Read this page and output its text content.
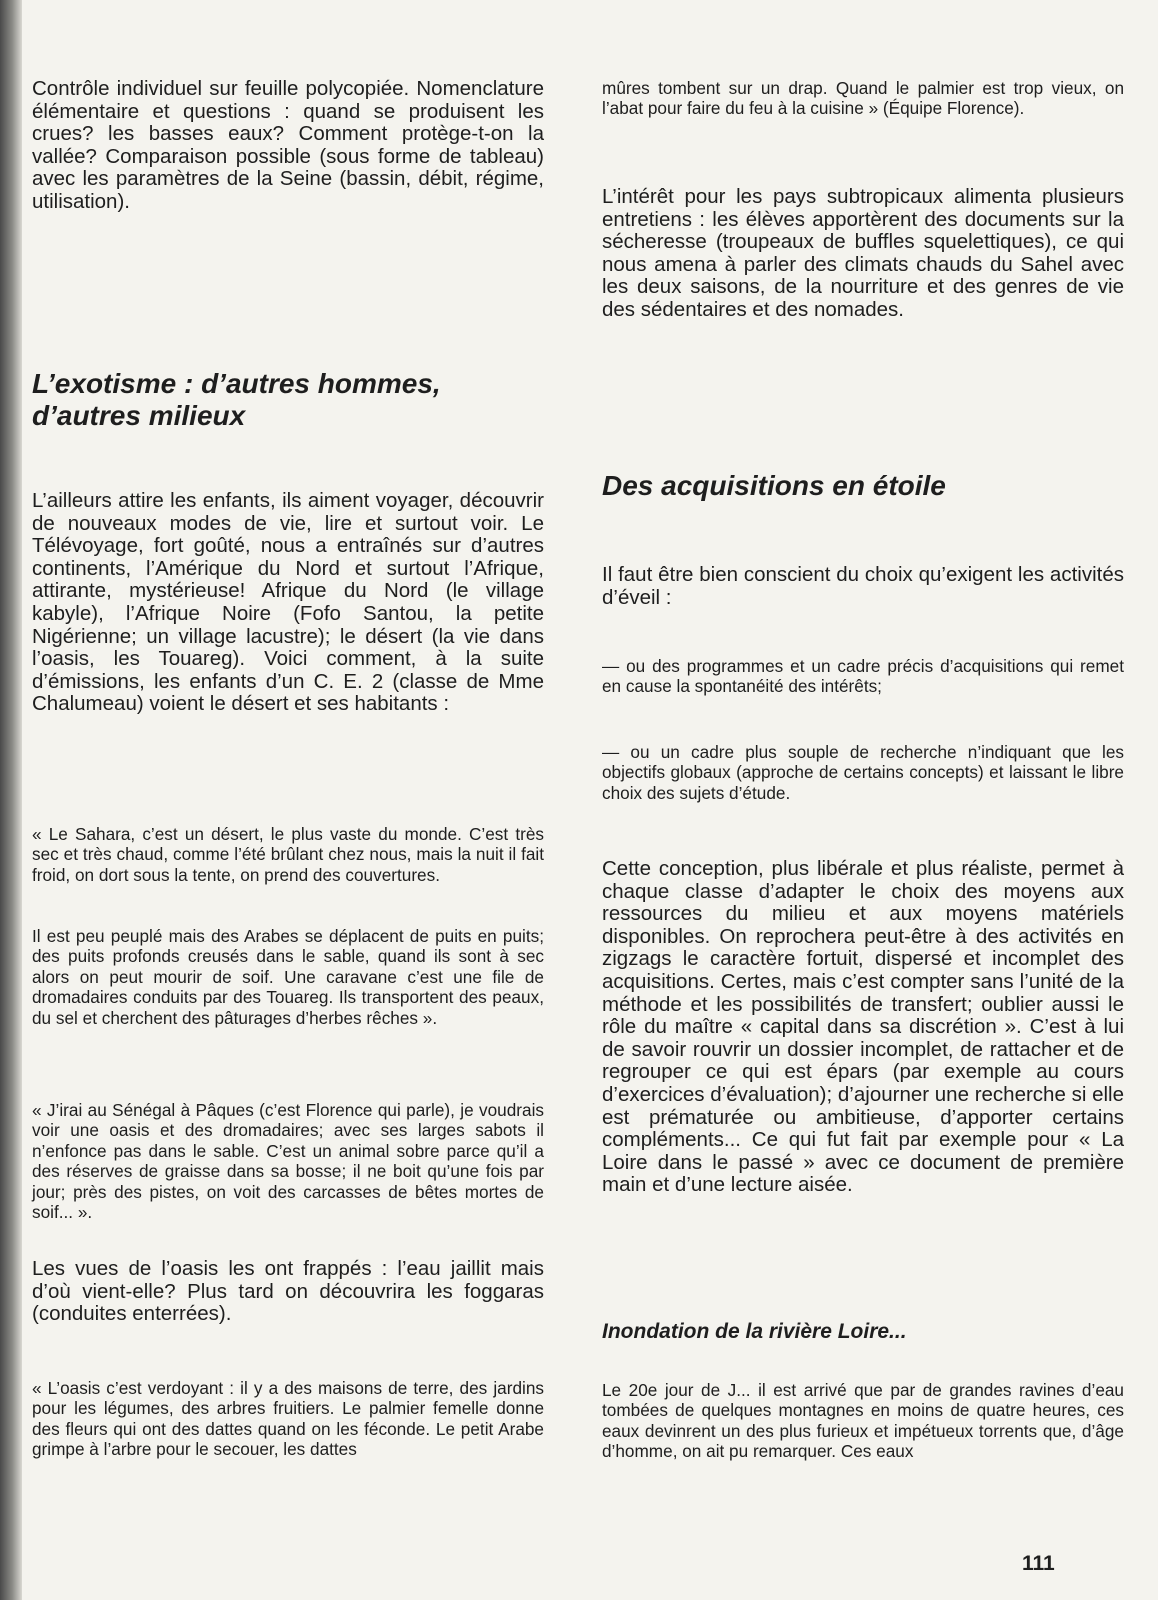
Contrôle individuel sur feuille polycopiée. Nomenclature élémentaire et questions : quand se produisent les crues? les basses eaux? Comment protège-t-on la vallée? Comparaison possible (sous forme de tableau) avec les paramètres de la Seine (bassin, débit, régime, utilisation).

L’exotisme : d’autres hommes,

d’autres milieux

L’ailleurs attire les enfants, ils aiment voyager, découvrir de nouveaux modes de vie, lire et surtout voir. Le Télévoyage, fort goûté, nous a entraînés sur d’autres continents, l’Amérique du Nord et surtout l’Afrique, attirante, mystérieuse! Afrique du Nord (le village kabyle), l’Afrique Noire (Fofo Santou, la petite Nigérienne; un village lacustre); le désert (la vie dans l’oasis, les Touareg). Voici comment, à la suite d’émissions, les enfants d’un C. E. 2 (classe de Mme Chalumeau) voient le désert et ses habitants :

« Le Sahara, c’est un désert, le plus vaste du monde. C’est très sec et très chaud, comme l’été brûlant chez nous, mais la nuit il fait froid, on dort sous la tente, on prend des couvertures.

Il est peu peuplé mais des Arabes se déplacent de puits en puits; des puits profonds creusés dans le sable, quand ils sont à sec alors on peut mourir de soif. Une caravane c’est une file de dromadaires conduits par des Touareg. Ils transportent des peaux, du sel et cherchent des pâturages d’herbes rêches ».

« J’irai au Sénégal à Pâques (c’est Florence qui parle), je voudrais voir une oasis et des dromadaires; avec ses larges sabots il n’enfonce pas dans le sable. C’est un animal sobre parce qu’il a des réserves de graisse dans sa bosse; il ne boit qu’une fois par jour; près des pistes, on voit des carcasses de bêtes mortes de soif... ».

Les vues de l’oasis les ont frappés : l’eau jaillit mais d’où vient-elle? Plus tard on découvrira les foggaras (conduites enterrées).

« L’oasis c’est verdoyant : il y a des maisons de terre, des jardins pour les légumes, des arbres fruitiers. Le palmier femelle donne des fleurs qui ont des dattes quand on les féconde. Le petit Arabe grimpe à l’arbre pour le secouer, les dattes

mûres tombent sur un drap. Quand le palmier est trop vieux, on l’abat pour faire du feu à la cuisine » (Équipe Florence).

L’intérêt pour les pays subtropicaux alimenta plusieurs entretiens : les élèves apportèrent des documents sur la sécheresse (troupeaux de buffles squelettiques), ce qui nous amena à parler des climats chauds du Sahel avec les deux saisons, de la nourriture et des genres de vie des sédentaires et des nomades.

Des acquisitions en étoile

Il faut être bien conscient du choix qu’exigent les activités d’éveil :

— ou des programmes et un cadre précis d’acquisitions qui remet en cause la spontanéité des intérêts;

— ou un cadre plus souple de recherche n’indiquant que les objectifs globaux (approche de certains concepts) et laissant le libre choix des sujets d’étude.

Cette conception, plus libérale et plus réaliste, permet à chaque classe d’adapter le choix des moyens aux ressources du milieu et aux moyens matériels disponibles. On reprochera peut-être à des activités en zigzags le caractère fortuit, dispersé et incomplet des acquisitions. Certes, mais c’est compter sans l’unité de la méthode et les possibilités de transfert; oublier aussi le rôle du maître « capital dans sa discrétion ». C’est à lui de savoir rouvrir un dossier incomplet, de rattacher et de regrouper ce qui est épars (par exemple au cours d’exercices d’évaluation); d’ajourner une recherche si elle est prématurée ou ambitieuse, d’apporter certains compléments... Ce qui fut fait par exemple pour « La Loire dans le passé » avec ce document de première main et d’une lecture aisée.

Inondation de la rivière Loire...

Le 20e jour de J... il est arrivé que par de grandes ravines d’eau tombées de quelques montagnes en moins de quatre heures, ces eaux devinrent un des plus furieux et impétueux torrents que, d’âge d’homme, on ait pu remarquer. Ces eaux

111
